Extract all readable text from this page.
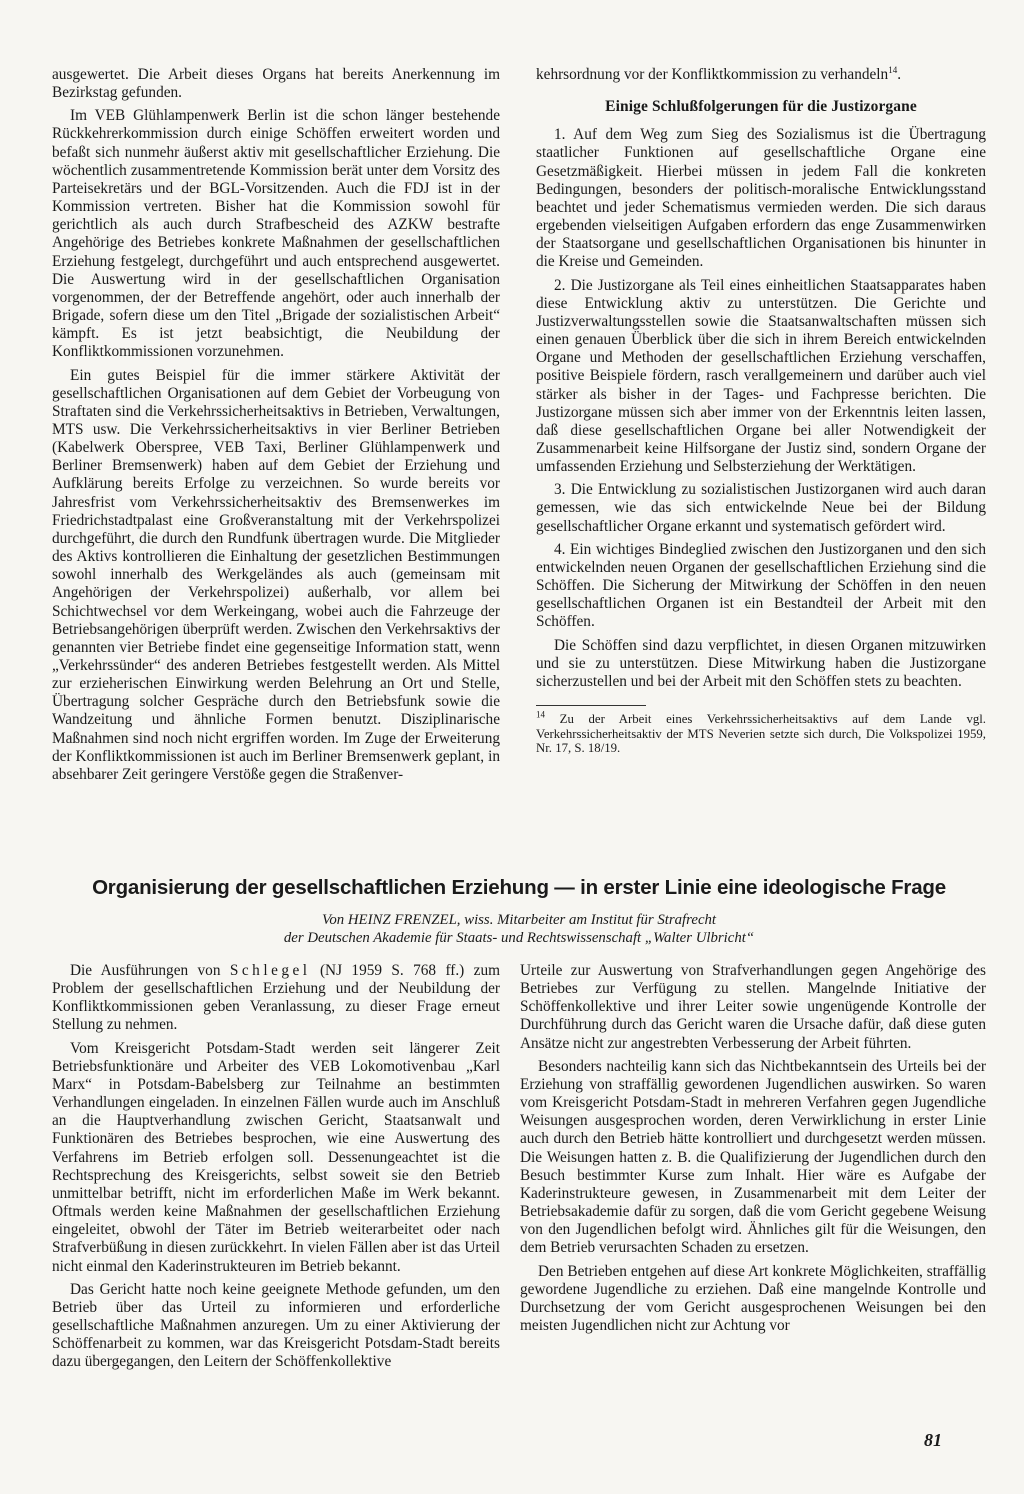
ausgewertet. Die Arbeit dieses Organs hat bereits Anerkennung im Bezirkstag gefunden.

Im VEB Glühlampenwerk Berlin ist die schon länger bestehende Rückkehrerkommission durch einige Schöffen erweitert worden und befaßt sich nunmehr äußerst aktiv mit gesellschaftlicher Erziehung. Die wöchentlich zusammentretende Kommission berät unter dem Vorsitz des Parteisekretärs und der BGL-Vorsitzenden. Auch die FDJ ist in der Kommission vertreten. Bisher hat die Kommission sowohl für gerichtlich als auch durch Strafbescheid des AZKW bestrafte Angehörige des Betriebes konkrete Maßnahmen der gesellschaftlichen Erziehung festgelegt, durchgeführt und auch entsprechend ausgewertet. Die Auswertung wird in der gesellschaftlichen Organisation vorgenommen, der der Betreffende angehört, oder auch innerhalb der Brigade, sofern diese um den Titel „Brigade der sozialistischen Arbeit“ kämpft. Es ist jetzt beabsichtigt, die Neubildung der Konfliktkommissionen vorzunehmen.

Ein gutes Beispiel für die immer stärkere Aktivität der gesellschaftlichen Organisationen auf dem Gebiet der Vorbeugung von Straftaten sind die Verkehrssicherheitsaktivs in Betrieben, Verwaltungen, MTS usw. Die Verkehrssicherheitsaktivs in vier Berliner Betrieben (Kabelwerk Oberspree, VEB Taxi, Berliner Glühlampenwerk und Berliner Bremsenwerk) haben auf dem Gebiet der Erziehung und Aufklärung bereits Erfolge zu verzeichnen. So wurde bereits vor Jahresfrist vom Verkehrssicherheitsaktiv des Bremsenwerkes im Friedrichstadtpalast eine Großveranstaltung mit der Verkehrspolizei durchgeführt, die durch den Rundfunk übertragen wurde. Die Mitglieder des Aktivs kontrollieren die Einhaltung der gesetzlichen Bestimmungen sowohl innerhalb des Werkgeländes als auch (gemeinsam mit Angehörigen der Verkehrspolizei) außerhalb, vor allem bei Schichtwechsel vor dem Werkeingang, wobei auch die Fahrzeuge der Betriebsangehörigen überprüft werden. Zwischen den Verkehrsaktivs der genannten vier Betriebe findet eine gegenseitige Information statt, wenn „Verkehrssünder“ des anderen Betriebes festgestellt werden. Als Mittel zur erzieherischen Einwirkung werden Belehrung an Ort und Stelle, Übertragung solcher Gespräche durch den Betriebsfunk sowie die Wandzeitung und ähnliche Formen benutzt. Disziplinarische Maßnahmen sind noch nicht ergriffen worden. Im Zuge der Erweiterung der Konfliktkommissionen ist auch im Berliner Bremsenwerk geplant, in absehbarer Zeit geringere Verstöße gegen die Straßenver-

kehrsordnung vor der Konfliktkommission zu verhandeln$^{14}$.

Einige Schlußfolgerungen für die Justizorgane

1. Auf dem Weg zum Sieg des Sozialismus ist die Übertragung staatlicher Funktionen auf gesellschaftliche Organe eine Gesetzmäßigkeit. Hierbei müssen in jedem Fall die konkreten Bedingungen, besonders der politisch-moralische Entwicklungsstand beachtet und jeder Schematismus vermieden werden. Die sich daraus ergebenden vielseitigen Aufgaben erfordern das enge Zusammenwirken der Staatsorgane und gesellschaftlichen Organisationen bis hinunter in die Kreise und Gemeinden.

2. Die Justizorgane als Teil eines einheitlichen Staatsapparates haben diese Entwicklung aktiv zu unterstützen. Die Gerichte und Justizverwaltungsstellen sowie die Staatsanwaltschaften müssen sich einen genauen Überblick über die sich in ihrem Bereich entwickelnden Organe und Methoden der gesellschaftlichen Erziehung verschaffen, positive Beispiele fördern, rasch verallgemeinern und darüber auch viel stärker als bisher in der Tages- und Fachpresse berichten. Die Justizorgane müssen sich aber immer von der Erkenntnis leiten lassen, daß diese gesellschaftlichen Organe bei aller Notwendigkeit der Zusammenarbeit keine Hilfsorgane der Justiz sind, sondern Organe der umfassenden Erziehung und Selbsterziehung der Werktätigen.

3. Die Entwicklung zu sozialistischen Justizorganen wird auch daran gemessen, wie das sich entwickelnde Neue bei der Bildung gesellschaftlicher Organe erkannt und systematisch gefördert wird.

4. Ein wichtiges Bindeglied zwischen den Justizorganen und den sich entwickelnden neuen Organen der gesellschaftlichen Erziehung sind die Schöffen. Die Sicherung der Mitwirkung der Schöffen in den neuen gesellschaftlichen Organen ist ein Bestandteil der Arbeit mit den Schöffen.

Die Schöffen sind dazu verpflichtet, in diesen Organen mitzuwirken und sie zu unterstützen. Diese Mitwirkung haben die Justizorgane sicherzustellen und bei der Arbeit mit den Schöffen stets zu beachten.

$^{14}$ Zu der Arbeit eines Verkehrssicherheitsaktivs auf dem Lande vgl. Verkehrssicherheitsaktiv der MTS Neverien setzte sich durch, Die Volkspolizei 1959, Nr. 17, S. 18/19.

Organisierung der gesellschaftlichen Erziehung — in erster Linie eine ideologische Frage
Von HEINZ FRENZEL, wiss. Mitarbeiter am Institut für Strafrecht
der Deutschen Akademie für Staats- und Rechtswissenschaft „Walter Ulbricht“

Die Ausführungen von Schlegel (NJ 1959 S. 768 ff.) zum Problem der gesellschaftlichen Erziehung und der Neubildung der Konfliktkommissionen geben Veranlassung, zu dieser Frage erneut Stellung zu nehmen.

Vom Kreisgericht Potsdam-Stadt werden seit längerer Zeit Betriebsfunktionäre und Arbeiter des VEB Lokomotivenbau „Karl Marx“ in Potsdam-Babelsberg zur Teilnahme an bestimmten Verhandlungen eingeladen. In einzelnen Fällen wurde auch im Anschluß an die Hauptverhandlung zwischen Gericht, Staatsanwalt und Funktionären des Betriebes besprochen, wie eine Auswertung des Verfahrens im Betrieb erfolgen soll. Dessenungeachtet ist die Rechtsprechung des Kreisgerichts, selbst soweit sie den Betrieb unmittelbar betrifft, nicht im erforderlichen Maße im Werk bekannt. Oftmals werden keine Maßnahmen der gesellschaftlichen Erziehung eingeleitet, obwohl der Täter im Betrieb weiterarbeitet oder nach Strafverbüßung in diesen zurückkehrt. In vielen Fällen aber ist das Urteil nicht einmal den Kaderinstrukteuren im Betrieb bekannt.

Das Gericht hatte noch keine geeignete Methode gefunden, um den Betrieb über das Urteil zu informieren und erforderliche gesellschaftliche Maßnahmen anzuregen. Um zu einer Aktivierung der Schöffenarbeit zu kommen, war das Kreisgericht Potsdam-Stadt bereits dazu übergegangen, den Leitern der Schöffenkollektive

Urteile zur Auswertung von Strafverhandlungen gegen Angehörige des Betriebes zur Verfügung zu stellen. Mangelnde Initiative der Schöffenkollektive und ihrer Leiter sowie ungenügende Kontrolle der Durchführung durch das Gericht waren die Ursache dafür, daß diese guten Ansätze nicht zur angestrebten Verbesserung der Arbeit führten.

Besonders nachteilig kann sich das Nichtbekanntsein des Urteils bei der Erziehung von straffällig gewordenen Jugendlichen auswirken. So waren vom Kreisgericht Potsdam-Stadt in mehreren Verfahren gegen Jugendliche Weisungen ausgesprochen worden, deren Verwirklichung in erster Linie auch durch den Betrieb hätte kontrolliert und durchgesetzt werden müssen. Die Weisungen hatten z. B. die Qualifizierung der Jugendlichen durch den Besuch bestimmter Kurse zum Inhalt. Hier wäre es Aufgabe der Kaderinstrukteure gewesen, in Zusammenarbeit mit dem Leiter der Betriebsakademie dafür zu sorgen, daß die vom Gericht gegebene Weisung von den Jugendlichen befolgt wird. Ähnliches gilt für die Weisungen, den dem Betrieb verursachten Schaden zu ersetzen.

Den Betrieben entgehen auf diese Art konkrete Möglichkeiten, straffällig gewordene Jugendliche zu erziehen. Daß eine mangelnde Kontrolle und Durchsetzung der vom Gericht ausgesprochenen Weisungen bei den meisten Jugendlichen nicht zur Achtung vor

81
